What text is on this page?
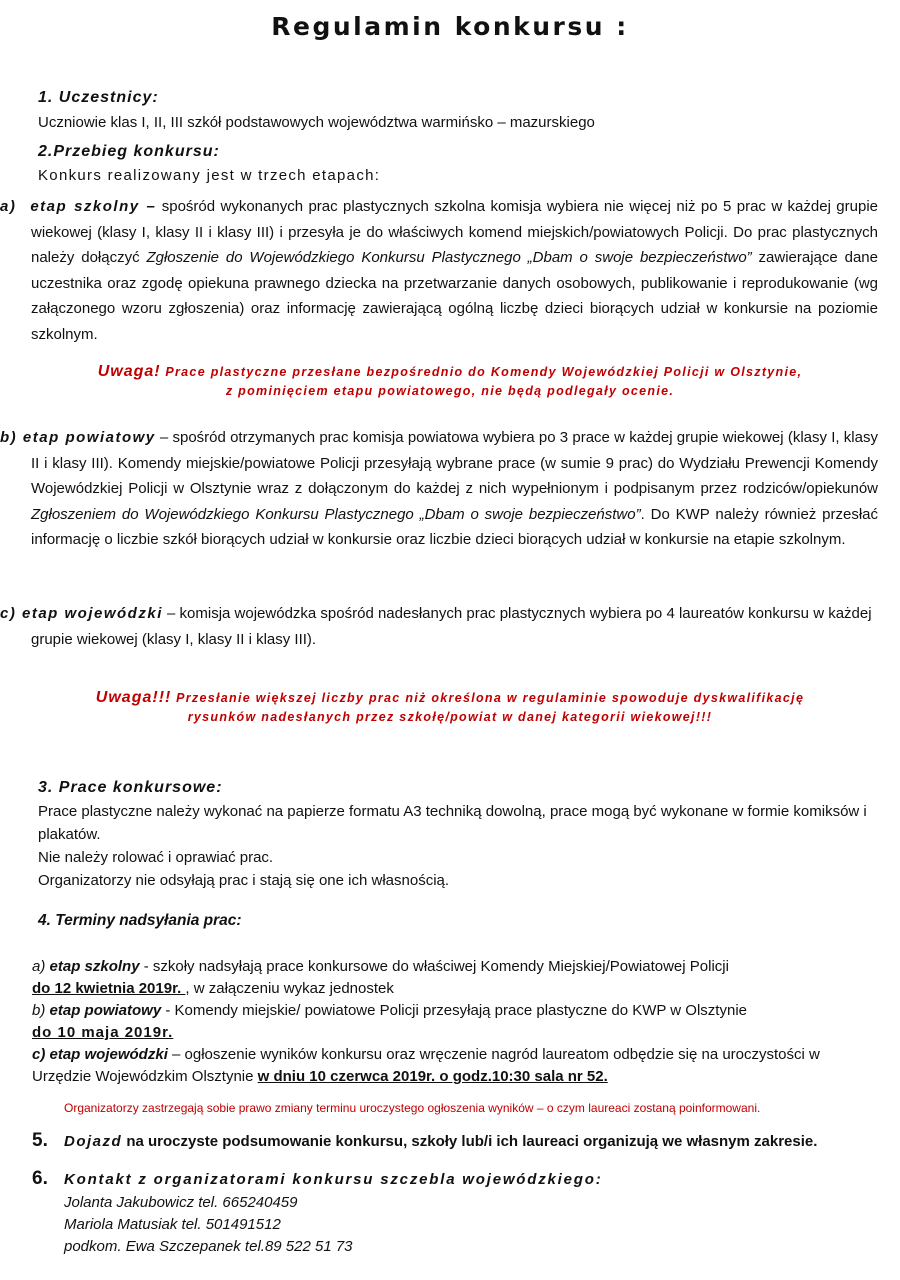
Regulamin konkursu :
1. Uczestnicy:
Uczniowie klas I, II, III szkół podstawowych województwa warmińsko – mazurskiego
2.Przebieg konkursu:
Konkurs realizowany jest w trzech etapach:
a) etap szkolny – spośród wykonanych prac plastycznych szkolna komisja wybiera nie więcej niż po 5 prac w każdej grupie wiekowej (klasy I, klasy II i klasy III) i przesyła je do właściwych komend miejskich/powiatowych Policji. Do prac plastycznych należy dołączyć Zgłoszenie do Wojewódzkiego Konkursu Plastycznego „Dbam o swoje bezpieczeństwo” zawierające dane uczestnika oraz zgodę opiekuna prawnego dziecka na przetwarzanie danych osobowych, publikowanie i reprodukowanie (wg załączonego wzoru zgłoszenia) oraz informację zawierającą ogólną liczbę dzieci biorących udział w konkursie na poziomie szkolnym.
Uwaga! Prace plastyczne przesłane bezpośrednio do Komendy Wojewódzkiej Policji w Olsztynie,
z pominięciem etapu powiatowego, nie będą podlegały ocenie.
b) etap powiatowy – spośród otrzymanych prac komisja powiatowa wybiera po 3 prace w każdej grupie wiekowej (klasy I, klasy II i klasy III). Komendy miejskie/powiatowe Policji przesyłają wybrane prace (w sumie 9 prac) do Wydziału Prewencji Komendy Wojewódzkiej Policji w Olsztynie wraz z dołączonym do każdej z nich wypełnionym i podpisanym przez rodziców/opiekunów Zgłoszeniem do Wojewódzkiego Konkursu Plastycznego „Dbam o swoje bezpieczeństwo”. Do KWP należy również przesłać informację o liczbie szkół biorących udział w konkursie oraz liczbie dzieci biorących udział w konkursie na etapie szkolnym.
c) etap wojewódzki – komisja wojewódzka spośród nadesłanych prac plastycznych wybiera po 4 laureatów konkursu w każdej grupie wiekowej (klasy I, klasy II i klasy III).
Uwaga!!! Przesłanie większej liczby prac niż określona w regulaminie spowoduje dyskwalifikację
rysunków nadesłanych przez szkołę/powiat w danej kategorii wiekowej!!!
3. Prace konkursowe:
Prace plastyczne należy wykonać na papierze formatu A3 techniką dowolną, prace mogą być wykonane w formie komiksów i plakatów.
Nie należy rolować i oprawiać prac.
Organizatorzy nie odsyłają prac i stają się one ich własnością.
4. Terminy nadsyłania prac:
a) etap szkolny - szkoły nadsyłają prace konkursowe do właściwej Komendy Miejskiej/Powiatowej Policji
do 12 kwietnia 2019r. , w załączeniu wykaz jednostek
b) etap powiatowy - Komendy miejskie/ powiatowe Policji przesyłają prace plastyczne do KWP w Olsztynie
do 10 maja 2019r.
c) etap wojewódzki – ogłoszenie wyników konkursu oraz wręczenie nagród laureatom odbędzie się na uroczystości w Urzędzie Wojewódzkim Olsztynie w dniu 10 czerwca 2019r. o godz.10:30 sala nr 52.
Organizatorzy zastrzegają sobie prawo zmiany terminu uroczystego ogłoszenia wyników – o czym laureaci zostaną poinformowani.
5. Dojazd na uroczyste podsumowanie konkursu, szkoły lub/i ich laureaci organizują we własnym zakresie.
6. Kontakt z organizatorami konkursu szczebla wojewódzkiego:
Jolanta Jakubowicz tel. 665240459
Mariola Matusiak tel. 501491512
podkom. Ewa Szczepanek tel.89 522 51 73
